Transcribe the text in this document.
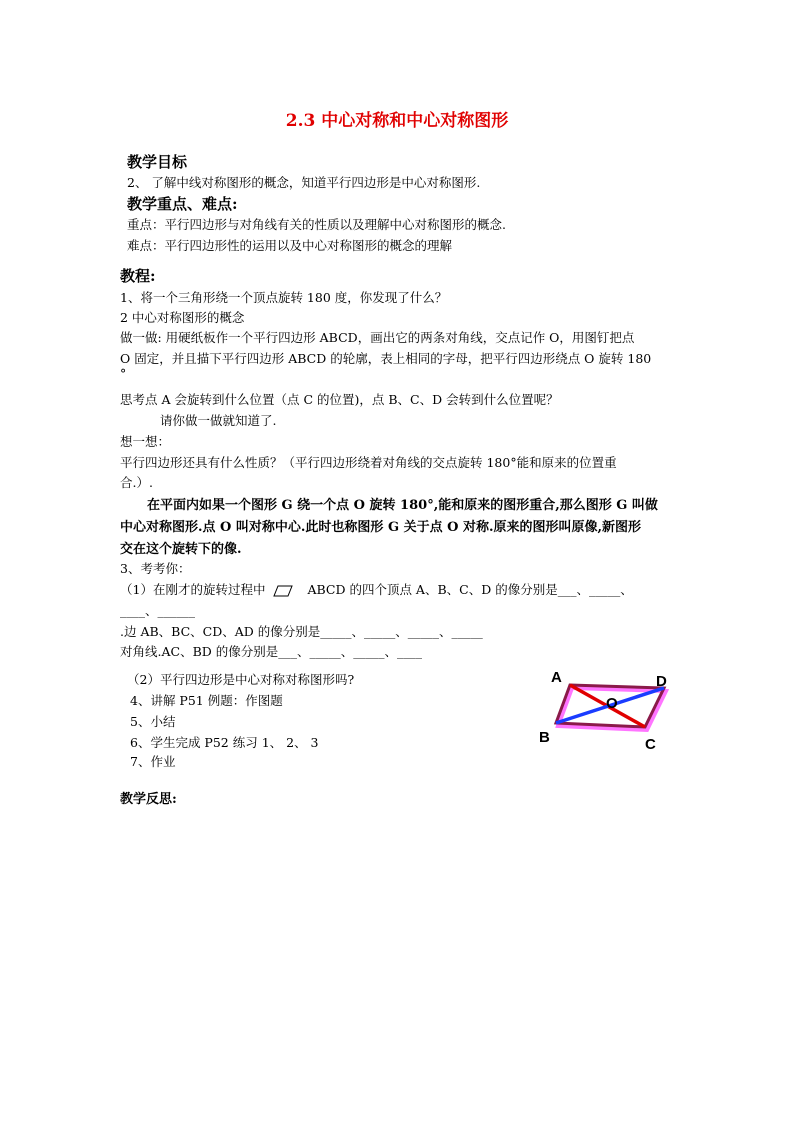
2.3 中心对称和中心对称图形
教学目标
2、 了解中线对称图形的概念，知道平行四边形是中心对称图形.
教学重点、难点:
重点：平行四边形与对角线有关的性质以及理解中心对称图形的概念.
难点：平行四边形性的运用以及中心对称图形的概念的理解
教程:
1、将一个三角形绕一个顶点旋转 180 度，你发现了什么？
2 中心对称图形的概念
做一做: 用硬纸板作一个平行四边形 ABCD，画出它的两条对角线，交点记作 O，用图钉把点
O 固定，并且描下平行四边形 ABCD 的轮廓，表上相同的字母，把平行四边形绕点 O 旋转 180
°
思考点 A 会旋转到什么位置（点 C 的位置)，点 B、C、D 会转到什么位置呢？
请你做一做就知道了.
想一想：
平行四边形还具有什么性质？（平行四边形绕着对角线的交点旋转 180°能和原来的位置重
合.）.
在平面内如果一个图形 G 绕一个点 O 旋转 180°,能和原来的图形重合,那么图形 G 叫做
中心对称图形.点 O 叫对称中心.此时也称图形 G 关于点 O 对称.原来的图形叫原像,新图形
交在这个旋转下的像.
3、考考你：
（1）在刚才的旋转过程中	ABCD 的四个顶点 A、B、C、D 的像分别是___、_____、
____、______
.边 AB、BC、CD、AD 的像分别是_____、_____、_____、_____
对角线.AC、BD 的像分别是___、_____、_____、____
（2）平行四边形是中心对称对称图形吗?
4、讲解 P51 例题：作图题
5、小结
6、学生完成 P52 练习 1、 2、 3
7、作业
教学反思:
A	D
B	C
O
